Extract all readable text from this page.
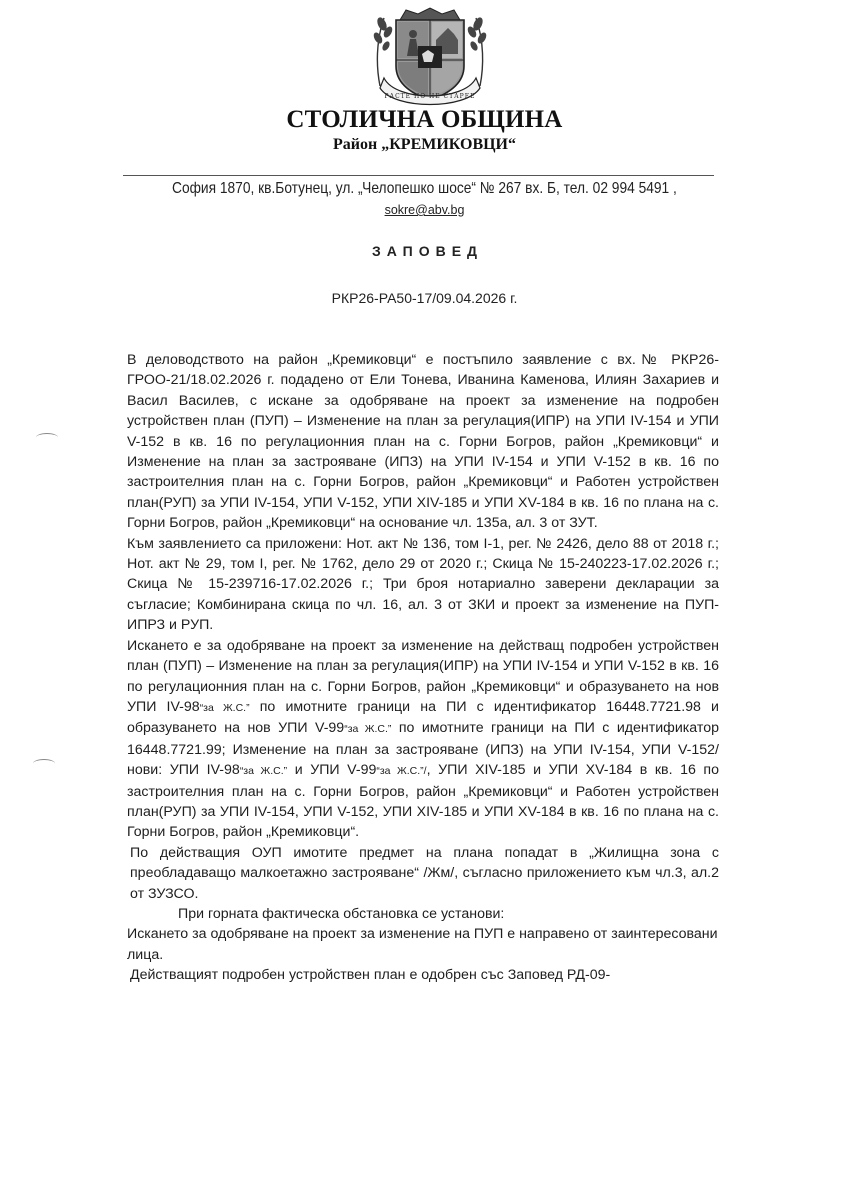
РАСТЕ НО НЕ СТАРЕЕ
СТОЛИЧНА ОБЩИНА
Район „КРЕМИКОВЦИ“
София 1870, кв.Ботунец, ул. „Челопешко шосе“ № 267 вх. Б, тел. 02 994 5491 ,
sokre@abv.bg
ЗАПОВЕД
РКР26-РА50-17/09.04.2026 г.

В деловодството на район „Кремиковци“ е постъпило заявление с вх.№ РКР26-ГРОО-21/18.02.2026 г. подадено от Ели Тонева, Иванина Каменова, Илиян Захариев и Васил Василев, с искане за одобряване на проект за изменение на подробен устройствен план (ПУП) – Изменение на план за регулация(ИПР) на УПИ IV-154 и УПИ V-152 в кв. 16 по регулационния план на с. Горни Богров, район „Кремиковци“ и Изменение на план за застрояване (ИПЗ) на УПИ IV-154 и УПИ V-152 в кв. 16 по застроителния план на с. Горни Богров, район „Кремиковци“ и Работен устройствен план(РУП) за УПИ IV-154, УПИ V-152, УПИ XIV-185 и УПИ XV-184 в кв. 16 по плана на с. Горни Богров, район „Кремиковци“ на основание чл. 135а, ал. 3 от ЗУТ.

Към заявлението са приложени: Нот. акт № 136, том I-1, рег. № 2426, дело 88 от 2018 г.; Нот. акт № 29, том I, рег. № 1762, дело 29 от 2020 г.; Скица № 15-240223-17.02.2026 г.; Скица № 15-239716-17.02.2026 г.; Три броя нотариално заверени декларации за съгласие; Комбинирана скица по чл. 16, ал. 3 от ЗКИ и проект за изменение на ПУП- ИПРЗ и РУП.

Искането е за одобряване на проект за изменение на действащ подробен устройствен план (ПУП) – Изменение на план за регулация(ИПР) на УПИ IV-154 и УПИ V-152 в кв. 16 по регулационния план на с. Горни Богров, район „Кремиковци“ и образуването на нов УПИ IV-98“за Ж.С.” по имотните граници на ПИ с идентификатор 16448.7721.98 и образуването на нов УПИ V-99“за Ж.С.” по имотните граници на ПИ с идентификатор 16448.7721.99; Изменение на план за застрояване (ИПЗ) на УПИ IV-154, УПИ V-152/ нови: УПИ IV-98“за Ж.С.” и УПИ V-99“за Ж.С.”/, УПИ XIV-185 и УПИ XV-184 в кв. 16 по застроителния план на с. Горни Богров, район „Кремиковци“ и Работен устройствен план(РУП) за УПИ IV-154, УПИ V-152, УПИ XIV-185 и УПИ XV-184 в кв. 16 по плана на с. Горни Богров, район „Кремиковци“.

По действащия ОУП имотите предмет на плана попадат в „Жилищна зона с преобладаващо малкоетажно застрояване“ /Жм/, съгласно приложението към чл.3, ал.2 от ЗУЗСО.

При горната фактическа обстановка се установи:

Искането за одобряване на проект за изменение на ПУП е направено от заинтересовани лица.

Действащият подробен устройствен план е одобрен със Заповед РД-09-
